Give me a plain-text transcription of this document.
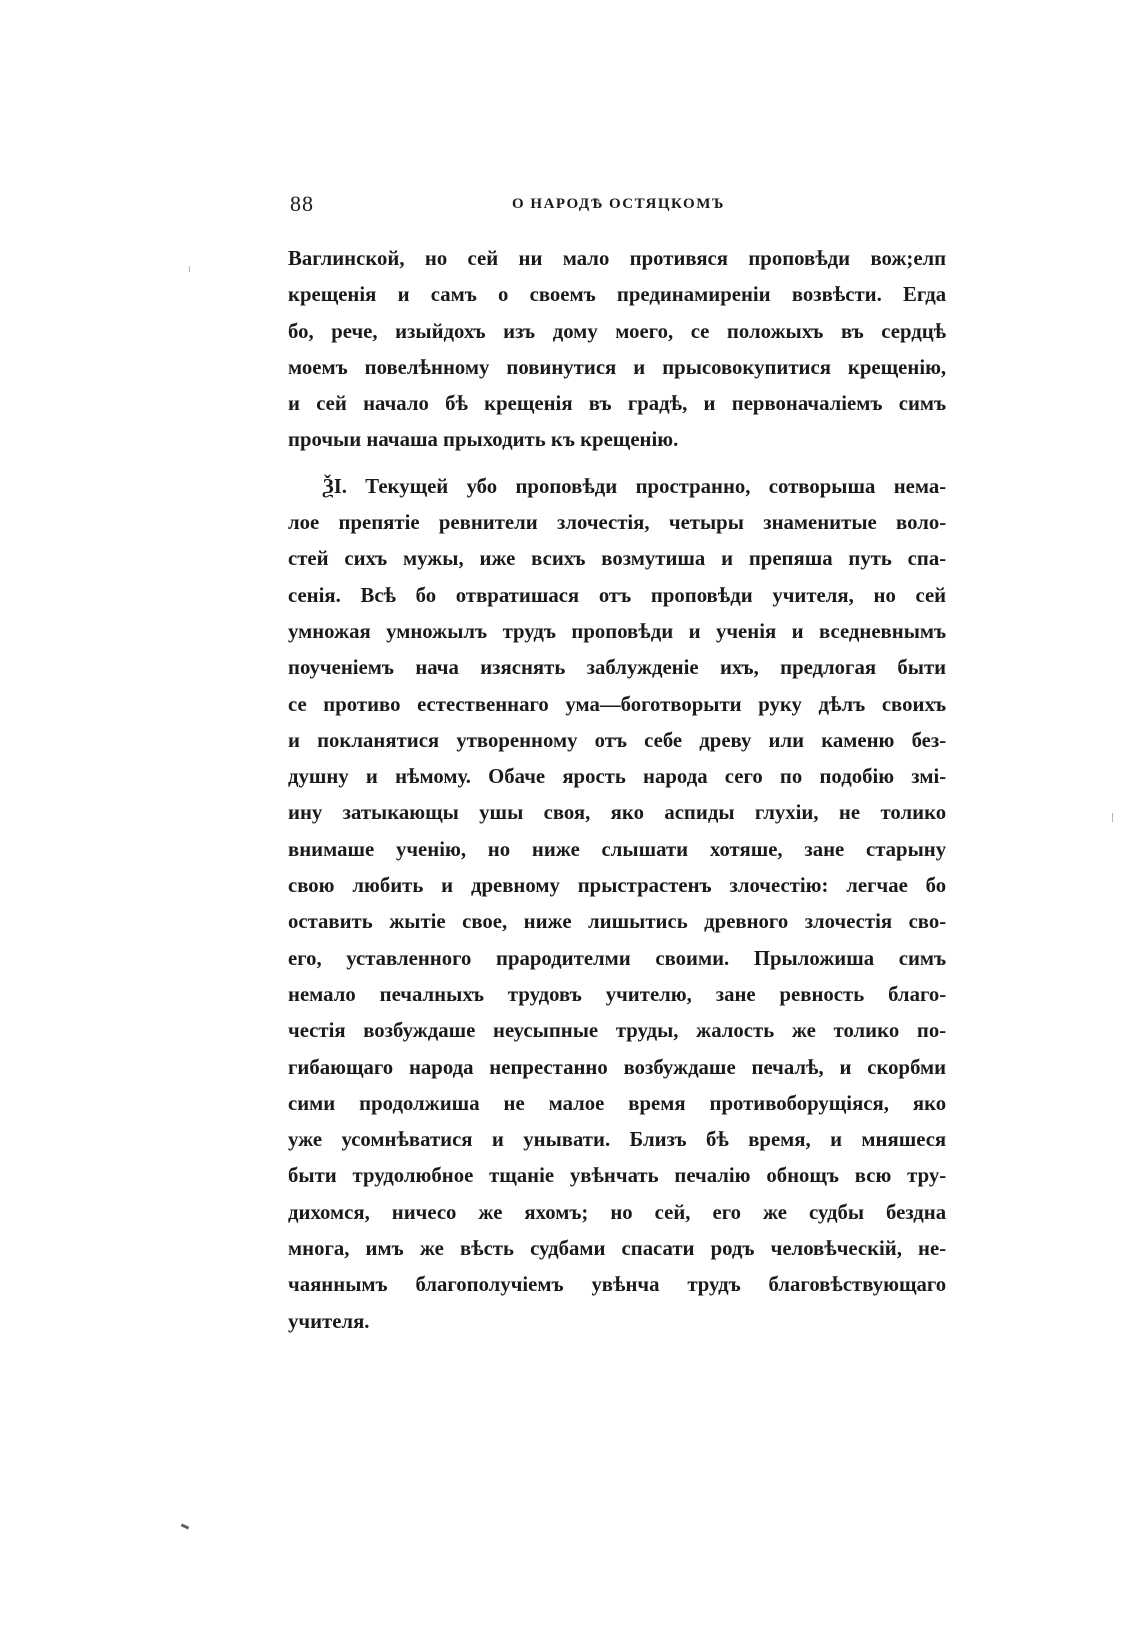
88	О НАРОДѢ ОСТЯЦКОМЪ
Ваглинской, но сей ни мало противяся проповѣди вож;елп
крещенія и самъ о своемъ прединамиреніи возвѣсти. Егда
бо, рече, изыйдохъ изъ дому моего, се положыхъ въ сердцѣ
моемъ повелѣнному повинутися и прысовокупитися крещенію,
и сей начало бѣ крещенія въ градѣ, и первоначаліемъ симъ
прочыи начаша прыходить къ крещенію.
ѮІ. Текущей убо проповѣди пространно, сотворыша нема-
лое препятіе ревнители злочестія, четыры знаменитые воло-
стей сихъ мужы, иже всихъ возмутиша и препяша путь спа-
сенія. Всѣ бо отвратишася отъ проповѣди учителя, но сей
умножая умножылъ трудъ проповѣди и ученія и вседневнымъ
поученіемъ нача изяснять заблужденіе ихъ, предлогая быти
се противо естественнаго ума—боготворыти руку дѣлъ своихъ
и покланятися утворенному отъ себе древу или каменю без-
душну и нѣмому. Обаче ярость народа сего по подобію змі-
ину затыкающы ушы своя, яко аспиды глухіи, не толико
внимаше ученію, но ниже слышати хотяше, зане старыну
свою любить и древному прыстрастенъ злочестію: легчае бо
оставить жытіе свое, ниже лишытись древного злочестія сво-
его, уставленного прародителми своими. Прыложиша симъ
немало печалныхъ трудовъ учителю, зане ревность благо-
честія возбуждаше неусыпные труды, жалость же толико по-
гибающаго народа непрестанно возбуждаше печалѣ, и скорбми
сими продолжиша не малое время противоборущіяся, яко
уже усомнѣватися и унывати. Близъ бѣ время, и мняшеся
быти трудолюбное тщаніе увѣнчать печалію обнощъ всю тру-
дихомся, ничесо же яхомъ; но сей, его же судбы бездна
многа, имъ же вѣсть судбами спасати родъ человѣческій, не-
чаяннымъ благополучіемъ увѣнча трудъ благовѣствующаго
учителя.
